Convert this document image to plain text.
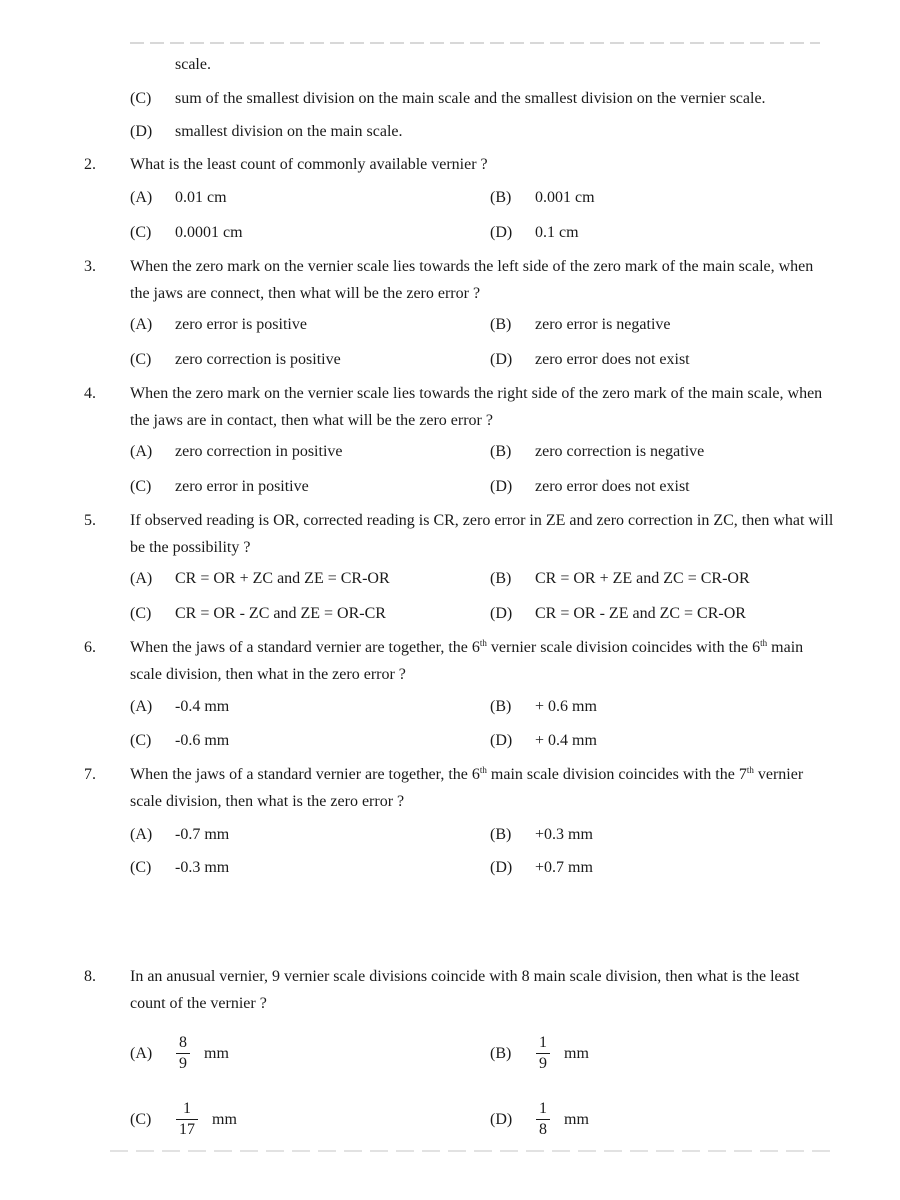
scale.
(C) sum of the smallest division on the main scale and the smallest division on the vernier scale.
(D) smallest division on the main scale.
2. What is the least count of commonly available vernier ?
(A) 0.01 cm	(B) 0.001 cm
(C) 0.0001 cm	(D) 0.1 cm
3. When the zero mark on the vernier scale lies towards the left side of the zero mark of the main scale, when the jaws are connect, then what will be the zero error ?
(A) zero error is positive	(B) zero error is negative
(C) zero correction is positive	(D) zero error does not exist
4. When the zero mark on the vernier scale lies towards the right side of the zero mark of the main scale, when the jaws are in contact, then what will be the zero error ?
(A) zero correction in positive	(B) zero correction is negative
(C) zero error in positive	(D) zero error does not exist
5. If observed reading is OR, corrected reading is CR, zero error in ZE and zero correction in ZC, then what will be the possibility ?
(A) CR = OR + ZC and ZE = CR-OR	(B) CR = OR + ZE and ZC = CR-OR
(C) CR = OR - ZC and ZE = OR-CR	(D) CR = OR - ZE and ZC = CR-OR
6. When the jaws of a standard vernier are together, the 6th vernier scale division coincides with the 6th main scale division, then what in the zero error ?
(A) -0.4 mm	(B) + 0.6 mm
(C) -0.6 mm	(D) + 0.4 mm
7. When the jaws of a standard vernier are together, the 6th main scale division coincides with the 7th vernier scale division, then what is the zero error ?
(A) -0.7 mm	(B) +0.3 mm
(C) -0.3 mm	(D) +0.7 mm
8. In an anusual vernier, 9 vernier scale divisions coincide with 8 main scale division, then what is the least count of the vernier ?
(A)	$\frac{8}{9}$ mm	(B)	$\frac{1}{9}$ mm
(C)	$\frac{1}{17}$ mm	(D)	$\frac{1}{8}$ mm
